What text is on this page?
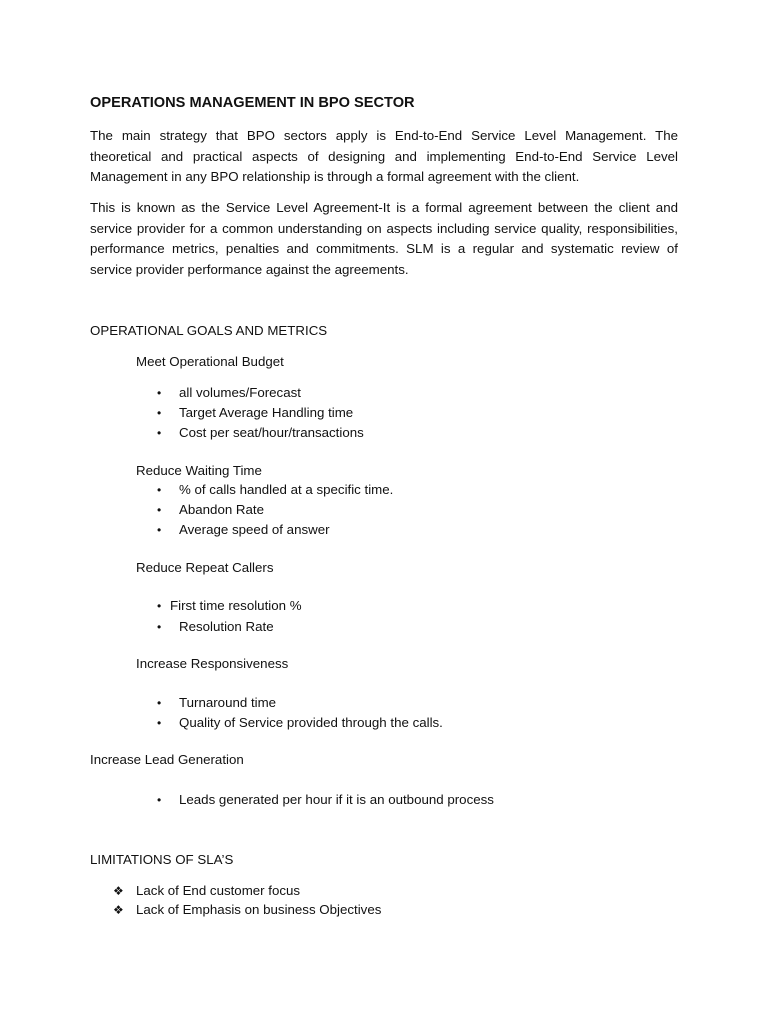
OPERATIONS MANAGEMENT IN BPO SECTOR

The main strategy that BPO sectors apply is End-to-End Service Level Management. The theoretical and practical aspects of designing and implementing End-to-End Service Level Management in any BPO relationship is through a formal agreement with the client.

This is known as the Service Level Agreement-It is a formal agreement between the client and service provider for a common understanding on aspects including service quality, responsibilities, performance metrics, penalties and commitments. SLM is a regular and systematic review of service provider performance against the agreements.

OPERATIONAL GOALS AND METRICS
Meet Operational Budget
• all volumes/Forecast
• Target Average Handling time
• Cost per seat/hour/transactions
Reduce Waiting Time
• % of calls handled at a specific time.
• Abandon Rate
• Average speed of answer
Reduce Repeat Callers
• First time resolution %
• Resolution Rate
Increase Responsiveness
• Turnaround time
• Quality of Service provided through the calls.
Increase Lead Generation
• Leads generated per hour if it is an outbound process
LIMITATIONS OF SLA’S
❖ Lack of End customer focus
❖ Lack of Emphasis on business Objectives
